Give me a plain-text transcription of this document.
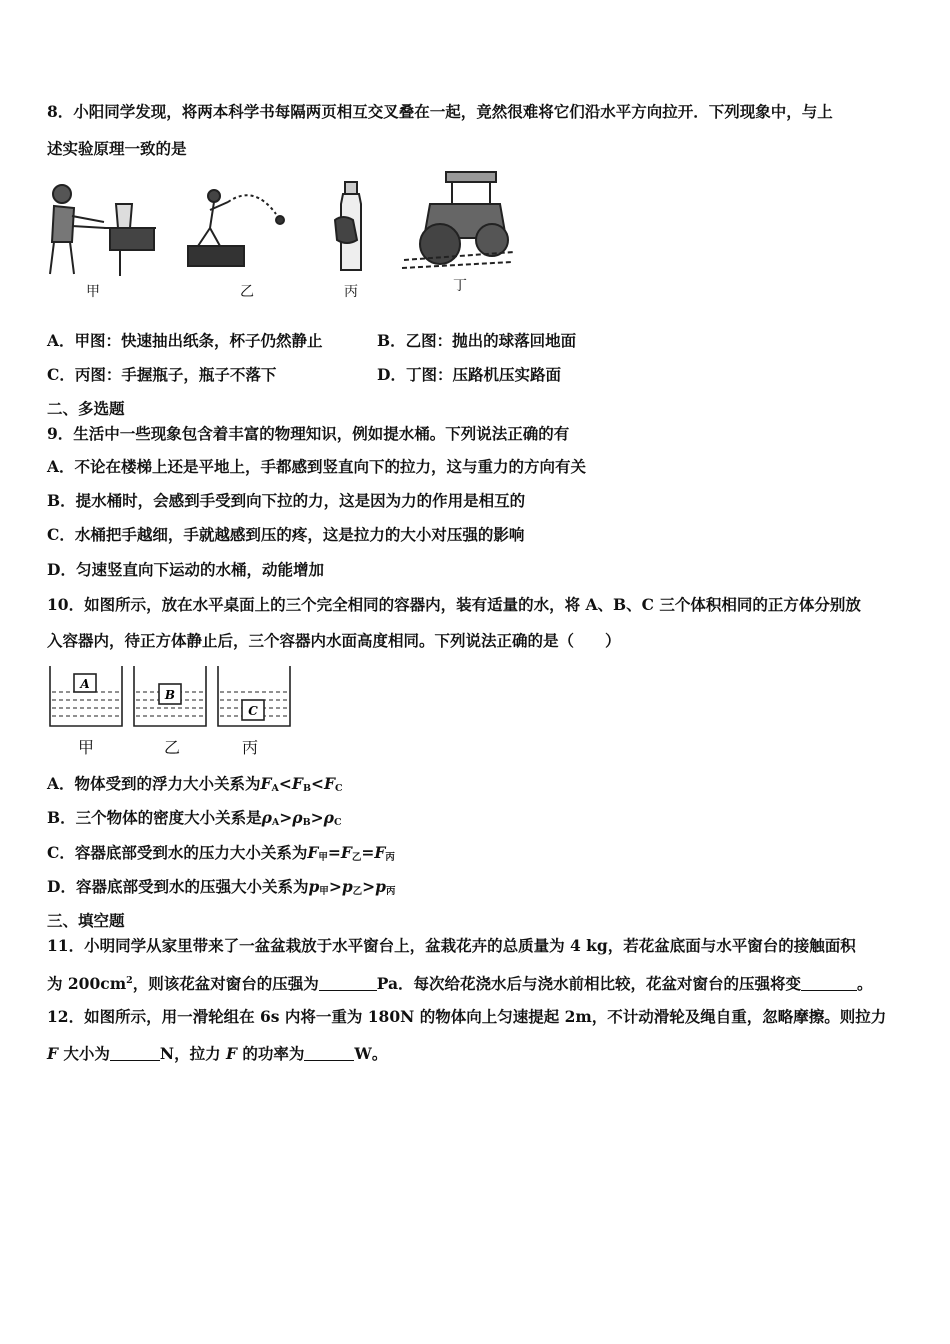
8．小阳同学发现，将两本科学书每隔两页相互交叉叠在一起，竟然很难将它们沿水平方向拉开．下列现象中，与上
述实验原理一致的是
甲	乙	丙	丁
A．甲图：快速抽出纸条，杯子仍然静止	B．乙图：抛出的球落回地面
C．丙图：手握瓶子，瓶子不落下	D．丁图：压路机压实路面
二、多选题
9．生活中一些现象包含着丰富的物理知识，例如提水桶。下列说法正确的有
A．不论在楼梯上还是平地上，手都感到竖直向下的拉力，这与重力的方向有关
B．提水桶时，会感到手受到向下拉的力，这是因为力的作用是相互的
C．水桶把手越细，手就越感到压的疼，这是拉力的大小对压强的影响
D．匀速竖直向下运动的水桶，动能增加
10．如图所示，放在水平桌面上的三个完全相同的容器内，装有适量的水，将 A、B、C 三个体积相同的正方体分别放
入容器内，待正方体静止后，三个容器内水面高度相同。下列说法正确的是（　　）
A
B
C
甲	乙	丙
A．物体受到的浮力大小关系为$F_A<F_B<F_C$
B．三个物体的密度大小关系是$\rho_A>\rho_B>\rho_C$
C．容器底部受到水的压力大小关系为$F_甲=F_乙=F_丙$
D．容器底部受到水的压强大小关系为$p_甲>p_乙>p_丙$
三、填空题
11．小明同学从家里带来了一盆盆栽放于水平窗台上，盆栽花卉的总质量为 4 kg，若花盆底面与水平窗台的接触面积
为 $200cm^2$，则该花盆对窗台的压强为	Pa．每次给花浇水后与浇水前相比较，花盆对窗台的压强将变	。
12．如图所示，用一滑轮组在 6s 内将一重为 180N 的物体向上匀速提起 2m，不计动滑轮及绳自重，忽略摩擦。则拉力
F 大小为	N，拉力 F 的功率为	W。
